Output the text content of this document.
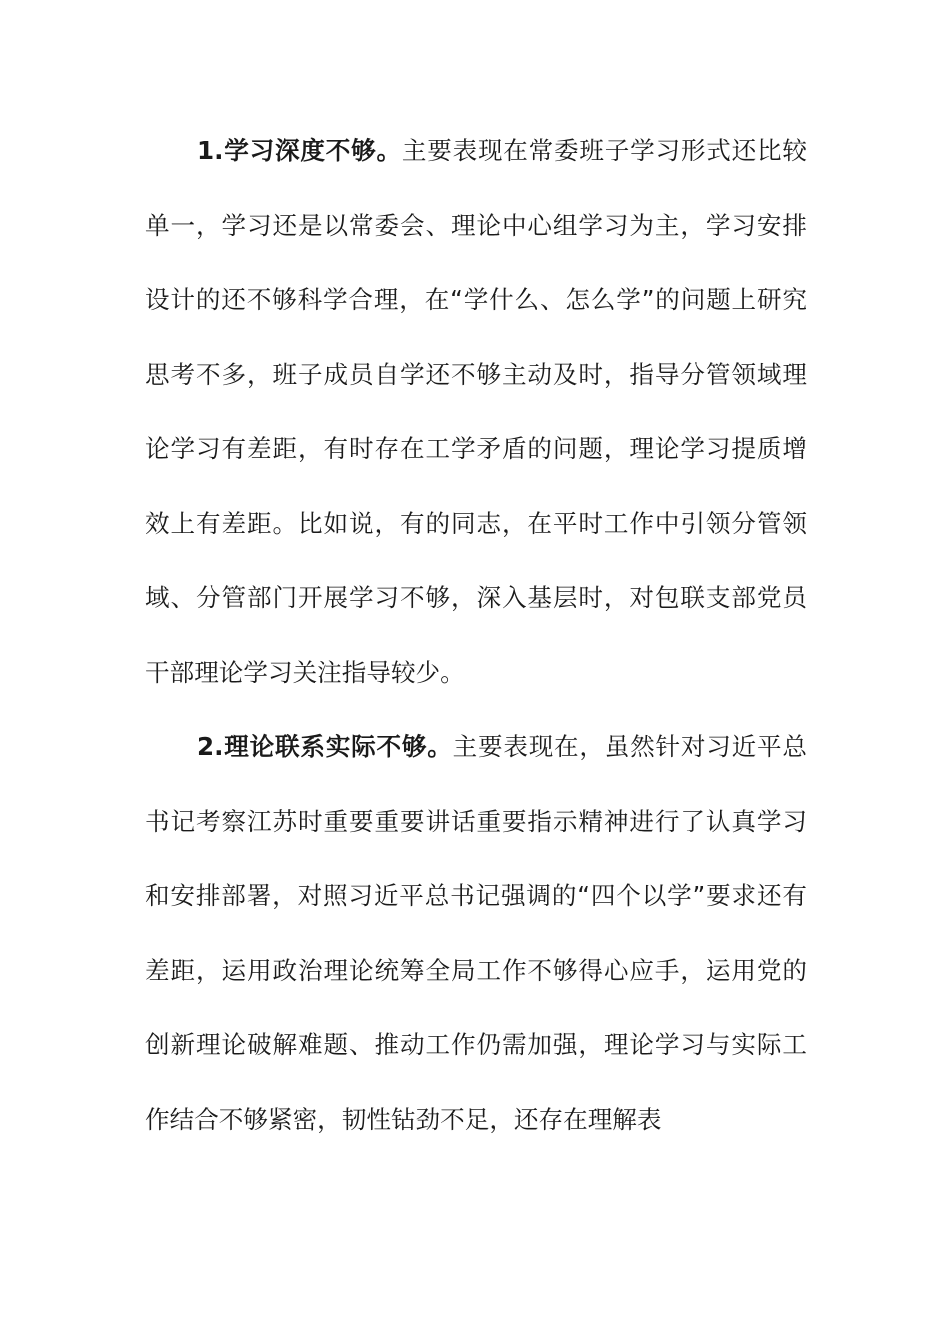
1.学习深度不够。主要表现在常委班子学习形式还比较单一，学习还是以常委会、理论中心组学习为主，学习安排设计的还不够科学合理，在“学什么、怎么学”的问题上研究思考不多，班子成员自学还不够主动及时，指导分管领域理论学习有差距，有时存在工学矛盾的问题，理论学习提质增效上有差距。比如说，有的同志，在平时工作中引领分管领域、分管部门开展学习不够，深入基层时，对包联支部党员干部理论学习关注指导较少。

2.理论联系实际不够。主要表现在，虽然针对习近平总书记考察江苏时重要重要讲话重要指示精神进行了认真学习和安排部署，对照习近平总书记强调的“四个以学”要求还有差距，运用政治理论统筹全局工作不够得心应手，运用党的创新理论破解难题、推动工作仍需加强，理论学习与实际工作结合不够紧密，韧性钻劲不足，还存在理解表
